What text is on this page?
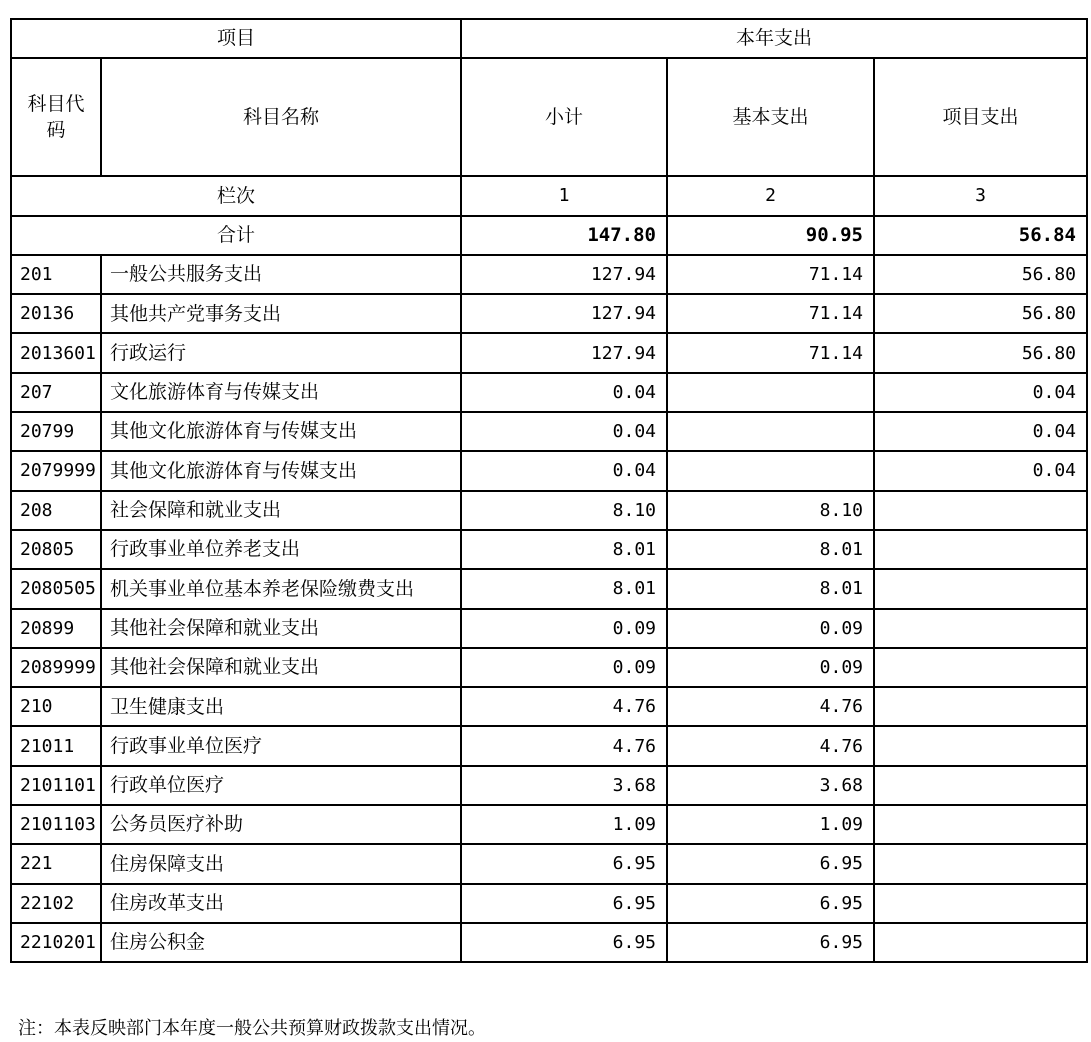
项目		本年支出		

科目代
码	科目名称	小计	基本支出	项目支出
栏次		1	2	3
合计		147.80	90.95	56.84
201	一般公共服务支出	127.94	71.14	56.80
20136	其他共产党事务支出	127.94	71.14	56.80
2013601	行政运行	127.94	71.14	56.80
207	文化旅游体育与传媒支出	0.04		0.04
20799	其他文化旅游体育与传媒支出	0.04		0.04
2079999	其他文化旅游体育与传媒支出	0.04		0.04
208	社会保障和就业支出	8.10	8.10	
20805	行政事业单位养老支出	8.01	8.01	
2080505	机关事业单位基本养老保险缴费支出	8.01	8.01	
20899	其他社会保障和就业支出	0.09	0.09	
2089999	其他社会保障和就业支出	0.09	0.09	
210	卫生健康支出	4.76	4.76	
21011	行政事业单位医疗	4.76	4.76	
2101101	行政单位医疗	3.68	3.68	
2101103	公务员医疗补助	1.09	1.09	
221	住房保障支出	6.95	6.95	
22102	住房改革支出	6.95	6.95	
2210201	住房公积金	6.95	6.95	
注：本表反映部门本年度一般公共预算财政拨款支出情况。
